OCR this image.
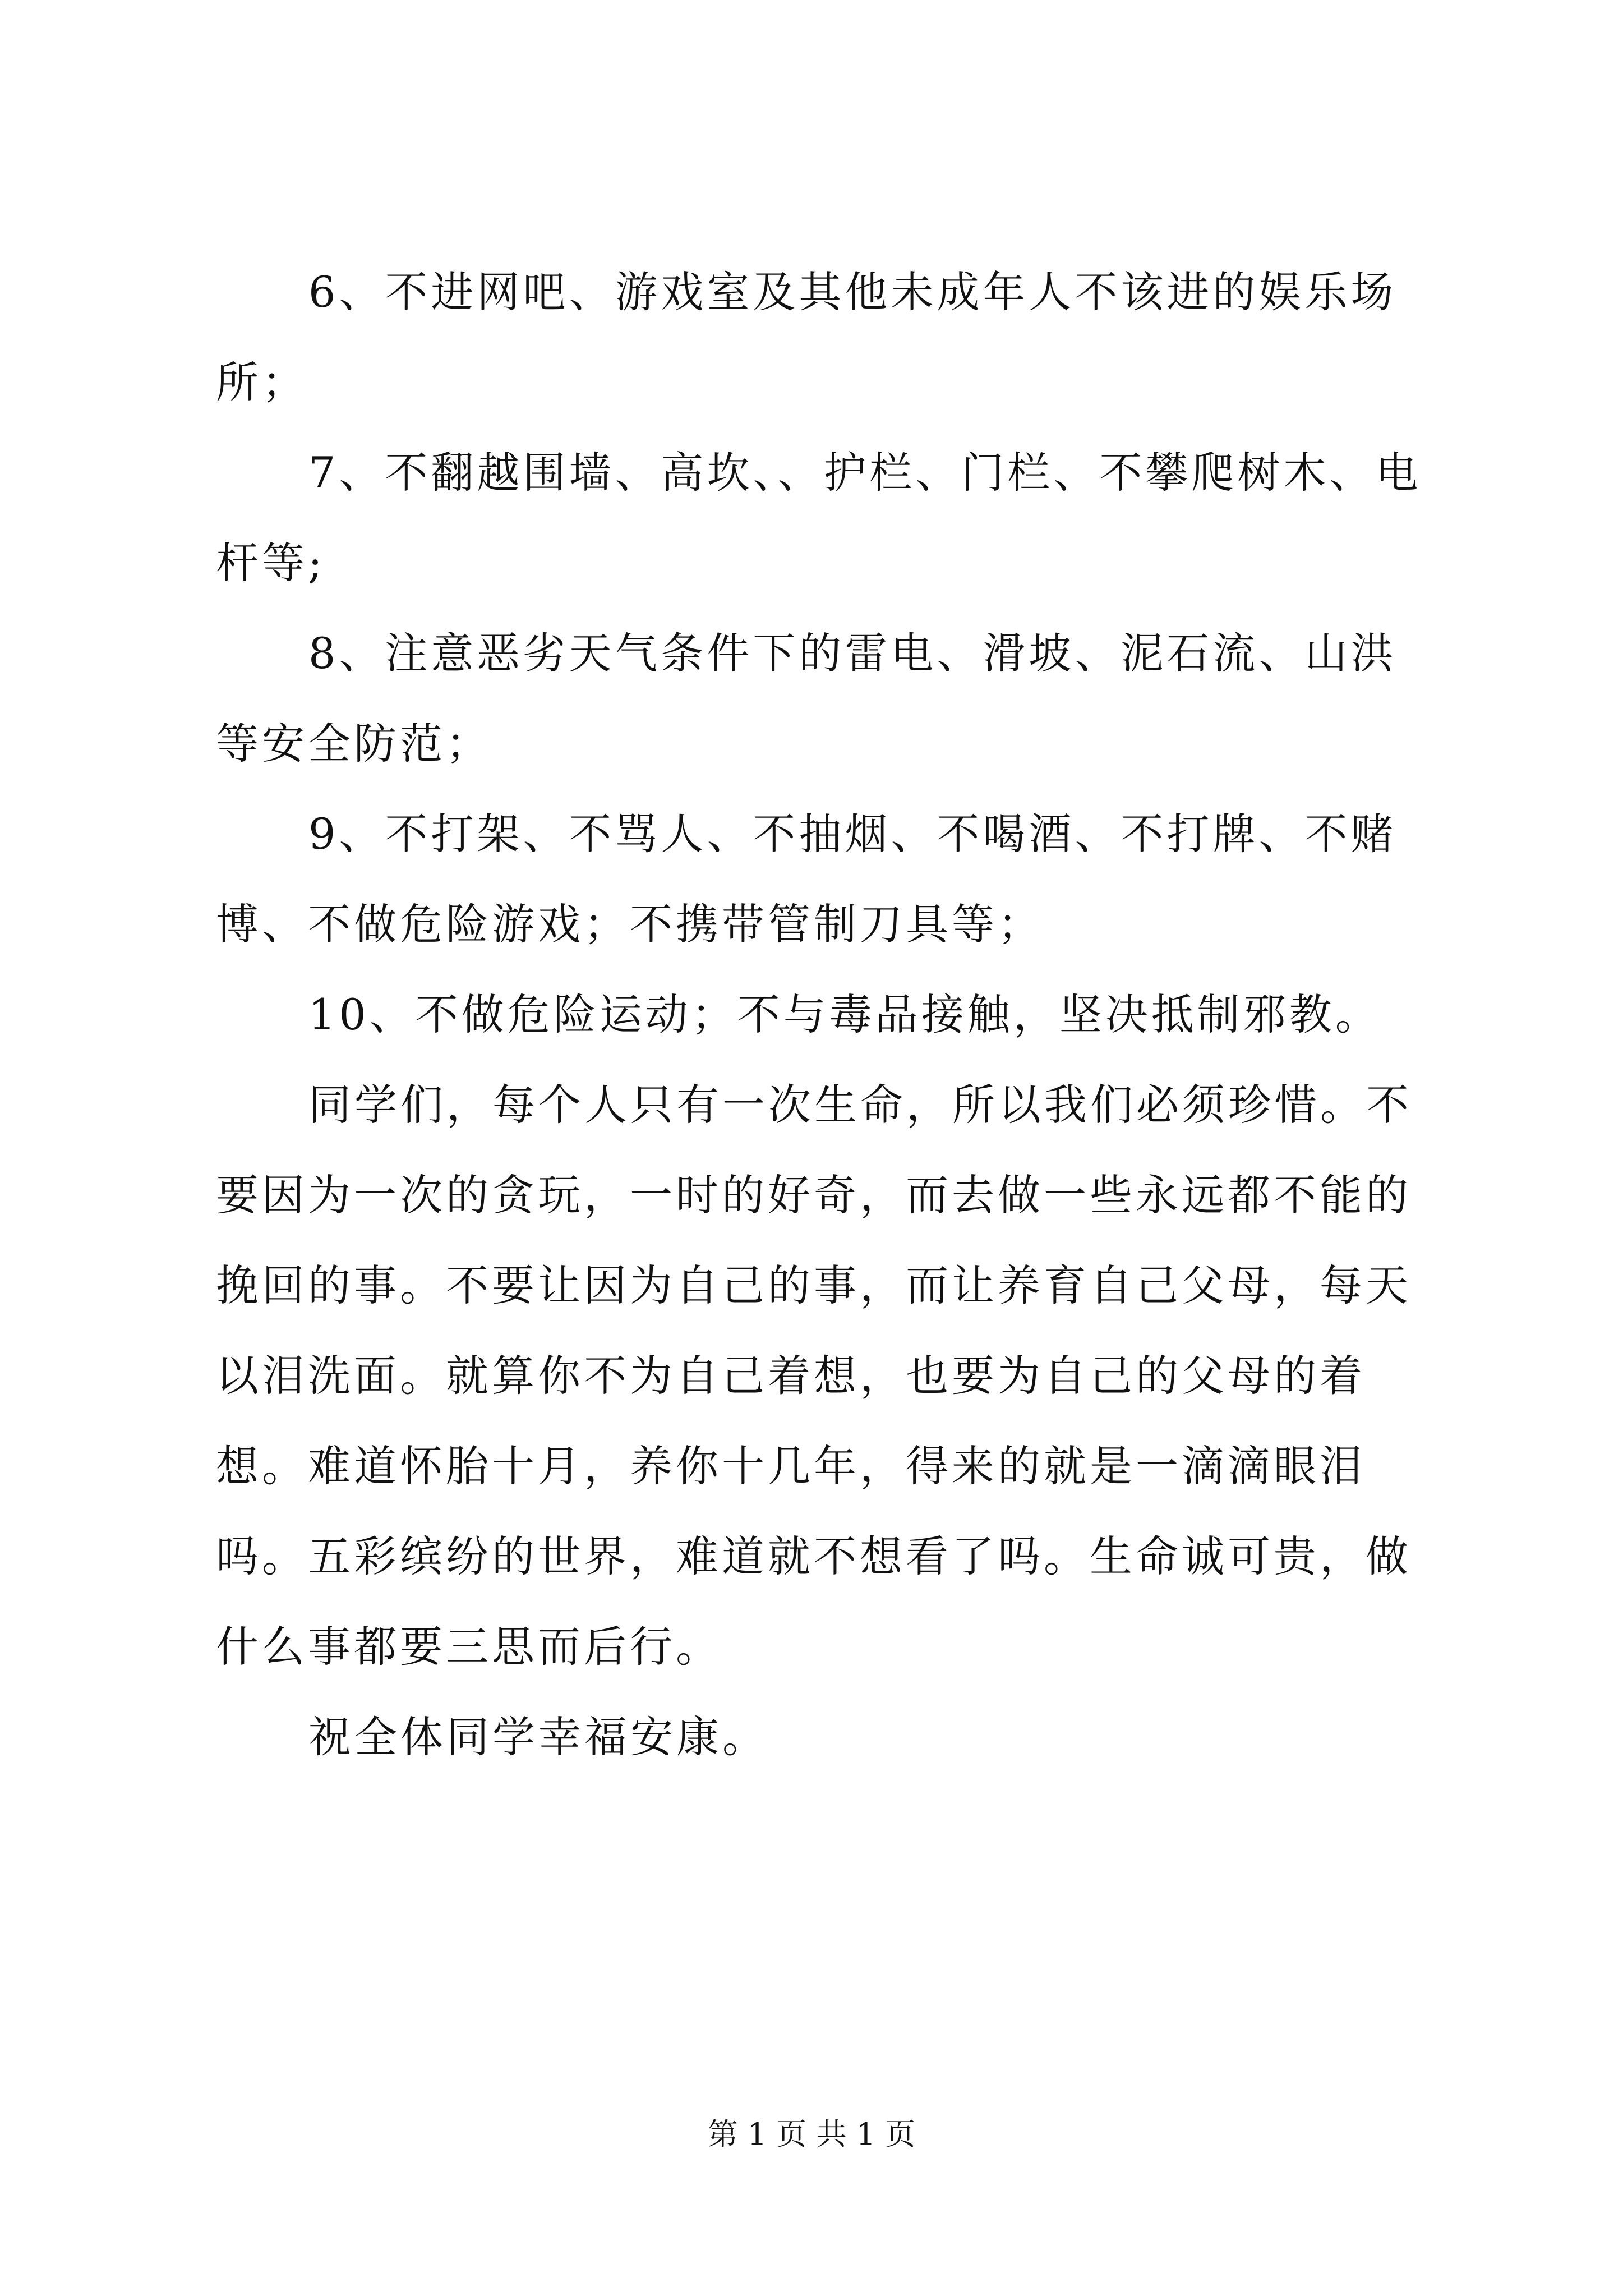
6、不进网吧、游戏室及其他未成年人不该进的娱乐场所；

7、不翻越围墙、高坎、、护栏、门栏、不攀爬树木、电杆等;

8、注意恶劣天气条件下的雷电、滑坡、泥石流、山洪等安全防范；

9、不打架、不骂人、不抽烟、不喝酒、不打牌、不赌博、不做危险游戏；不携带管制刀具等；

10、不做危险运动；不与毒品接触，坚决抵制邪教。

同学们，每个人只有一次生命，所以我们必须珍惜。不要因为一次的贪玩，一时的好奇，而去做一些永远都不能的挽回的事。不要让因为自己的事，而让养育自己父母，每天以泪洗面。就算你不为自己着想，也要为自己的父母的着想。难道怀胎十月，养你十几年，得来的就是一滴滴眼泪吗。五彩缤纷的世界，难道就不想看了吗。生命诚可贵，做什么事都要三思而后行。

祝全体同学幸福安康。

第 1 页 共 1 页
